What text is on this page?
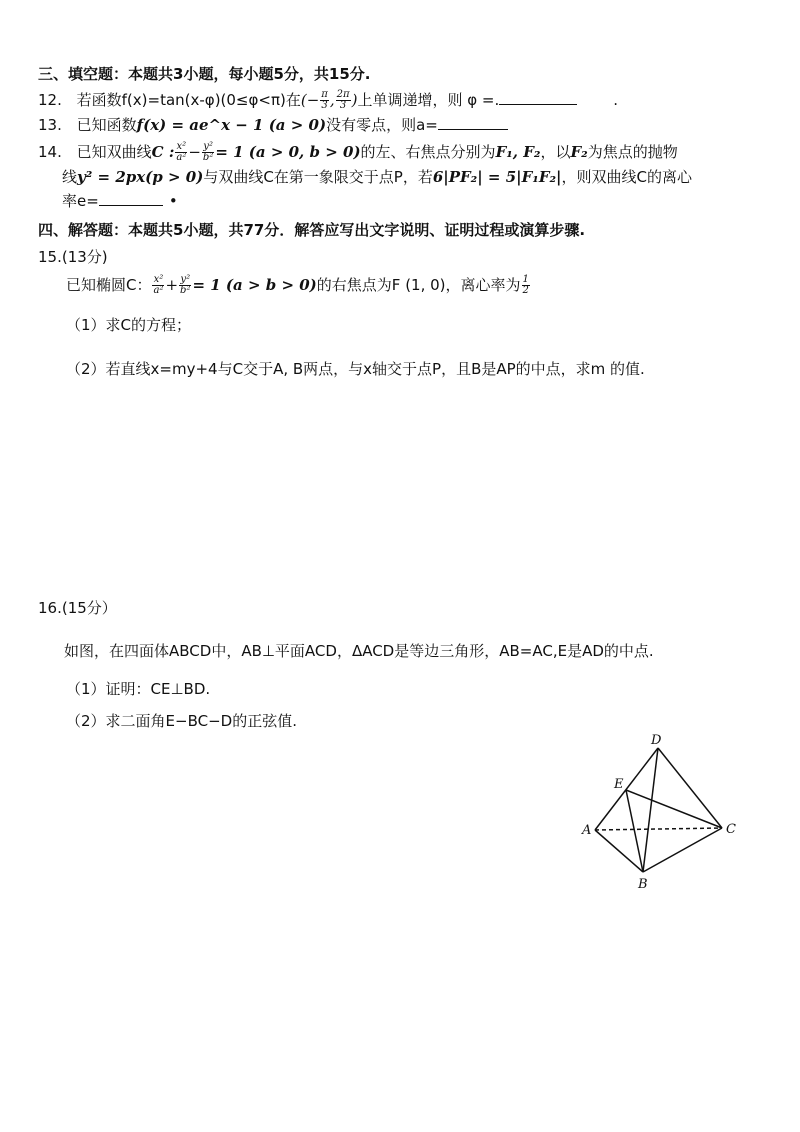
三、填空题：本题共3小题，每小题5分，共15分.
12. 若函数f(x)=tan(x-φ)(0≤φ<π)在(− $\frac{\pi}{3}$ , $\frac{2\pi}{3}$ )上单调递增，则 φ =.	.
13. 已知函数f(x) = ae^x − 1 (a > 0)没有零点，则a=
14. 已知双曲线C : $\frac{\text{x²}}{\text{a²}} - \frac{\text{y²}}{\text{b²}} = 1$ (a > 0, b > 0)的左、右焦点分别为F₁, F₂，以F₂为焦点的抛物
线y² = 2px(p > 0)与双曲线C在第一象限交于点P，若6|PF₂| = 5|F₁F₂|，则双曲线C的离心
率e=	•
四、解答题：本题共5小题，共77分．解答应写出文字说明、证明过程或演算步骤.
15.(13分)
已知椭圆C： $\frac{\text{x²}}{\text{a²}} + \frac{\text{y²}}{\text{b²}} = 1$ (a > b > 0)的右焦点为F (1, 0)，离心率为 $\frac{1}{2}$
（1）求C的方程；
（2）若直线x=my+4与C交于A, B两点，与x轴交于点P，且B是AP的中点，求m 的值.
16.(15分）
如图，在四面体ABCD中，AB⊥平面ACD，ΔACD是等边三角形，AB=AC,E是AD的中点.
（1）证明：CE⊥BD.
（2）求二面角E−BC−D的正弦值.
D
E
A	C
B
